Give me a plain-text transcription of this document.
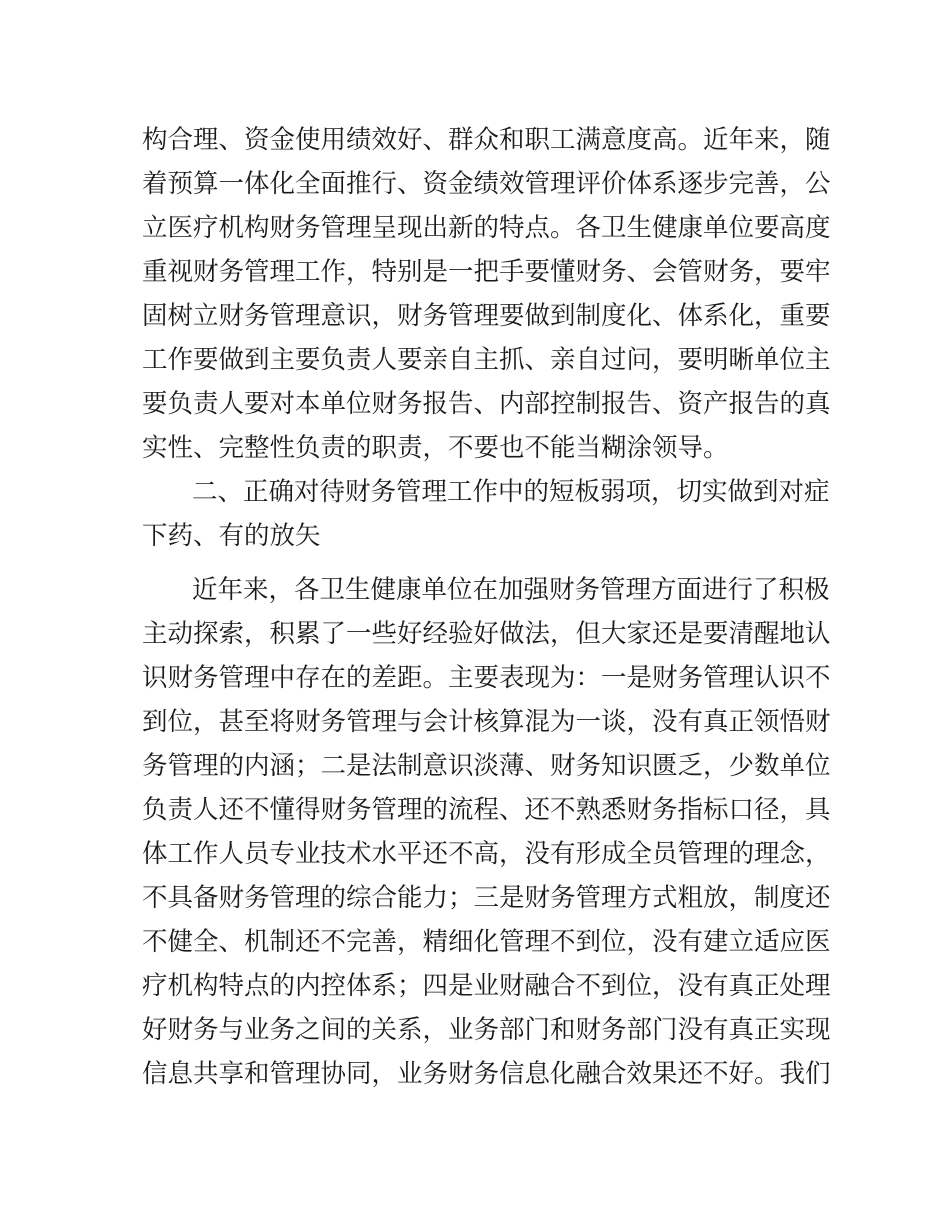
构合理、资金使用绩效好、群众和职工满意度高。近年来，随
着预算一体化全面推行、资金绩效管理评价体系逐步完善，公
立医疗机构财务管理呈现出新的特点。各卫生健康单位要高度
重视财务管理工作，特别是一把手要懂财务、会管财务，要牢
固树立财务管理意识，财务管理要做到制度化、体系化，重要
工作要做到主要负责人要亲自主抓、亲自过问，要明晰单位主
要负责人要对本单位财务报告、内部控制报告、资产报告的真
实性、完整性负责的职责，不要也不能当糊涂领导。
二、正确对待财务管理工作中的短板弱项，切实做到对症
下药、有的放矢
近年来，各卫生健康单位在加强财务管理方面进行了积极
主动探索，积累了一些好经验好做法，但大家还是要清醒地认
识财务管理中存在的差距。主要表现为：一是财务管理认识不
到位，甚至将财务管理与会计核算混为一谈，没有真正领悟财
务管理的内涵；二是法制意识淡薄、财务知识匮乏，少数单位
负责人还不懂得财务管理的流程、还不熟悉财务指标口径，具
体工作人员专业技术水平还不高，没有形成全员管理的理念，
不具备财务管理的综合能力；三是财务管理方式粗放，制度还
不健全、机制还不完善，精细化管理不到位，没有建立适应医
疗机构特点的内控体系；四是业财融合不到位，没有真正处理
好财务与业务之间的关系，业务部门和财务部门没有真正实现
信息共享和管理协同，业务财务信息化融合效果还不好。我们
